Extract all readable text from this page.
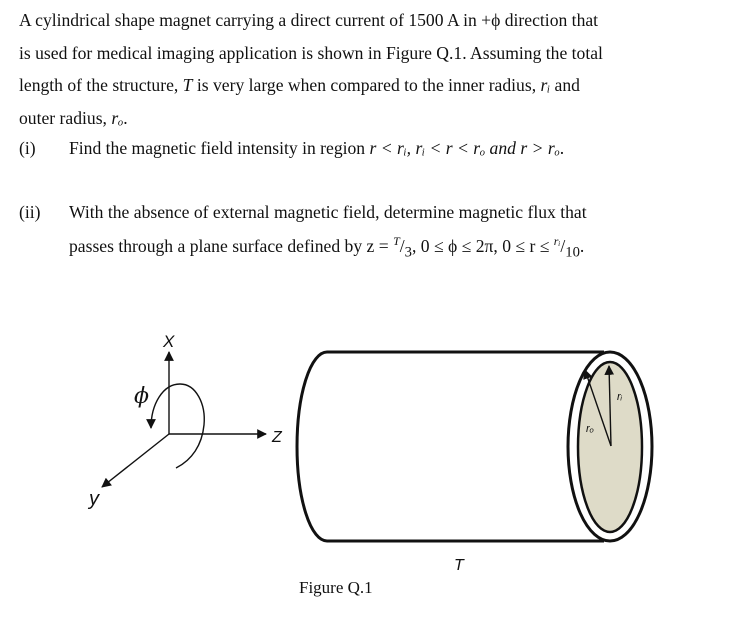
A cylindrical shape magnet carrying a direct current of 1500 A in +ϕ direction that
is used for medical imaging application is shown in Figure Q.1. Assuming the total
length of the structure, T is very large when compared to the inner radius, rᵢ and
outer radius, rₒ.
(i) Find the magnetic field intensity in region r < rᵢ, rᵢ < r < rₒ and r > rₒ.
(ii) With the absence of external magnetic field, determine magnetic flux that
passes through a plane surface defined by $z = ^T/_3$, 0 ≤ ϕ ≤ 2π, $0 \le r \le ^{rᵢ}/_{10}$.
X
Z
y
ϕ	rᵢ
rₒ
T
Figure Q.1
